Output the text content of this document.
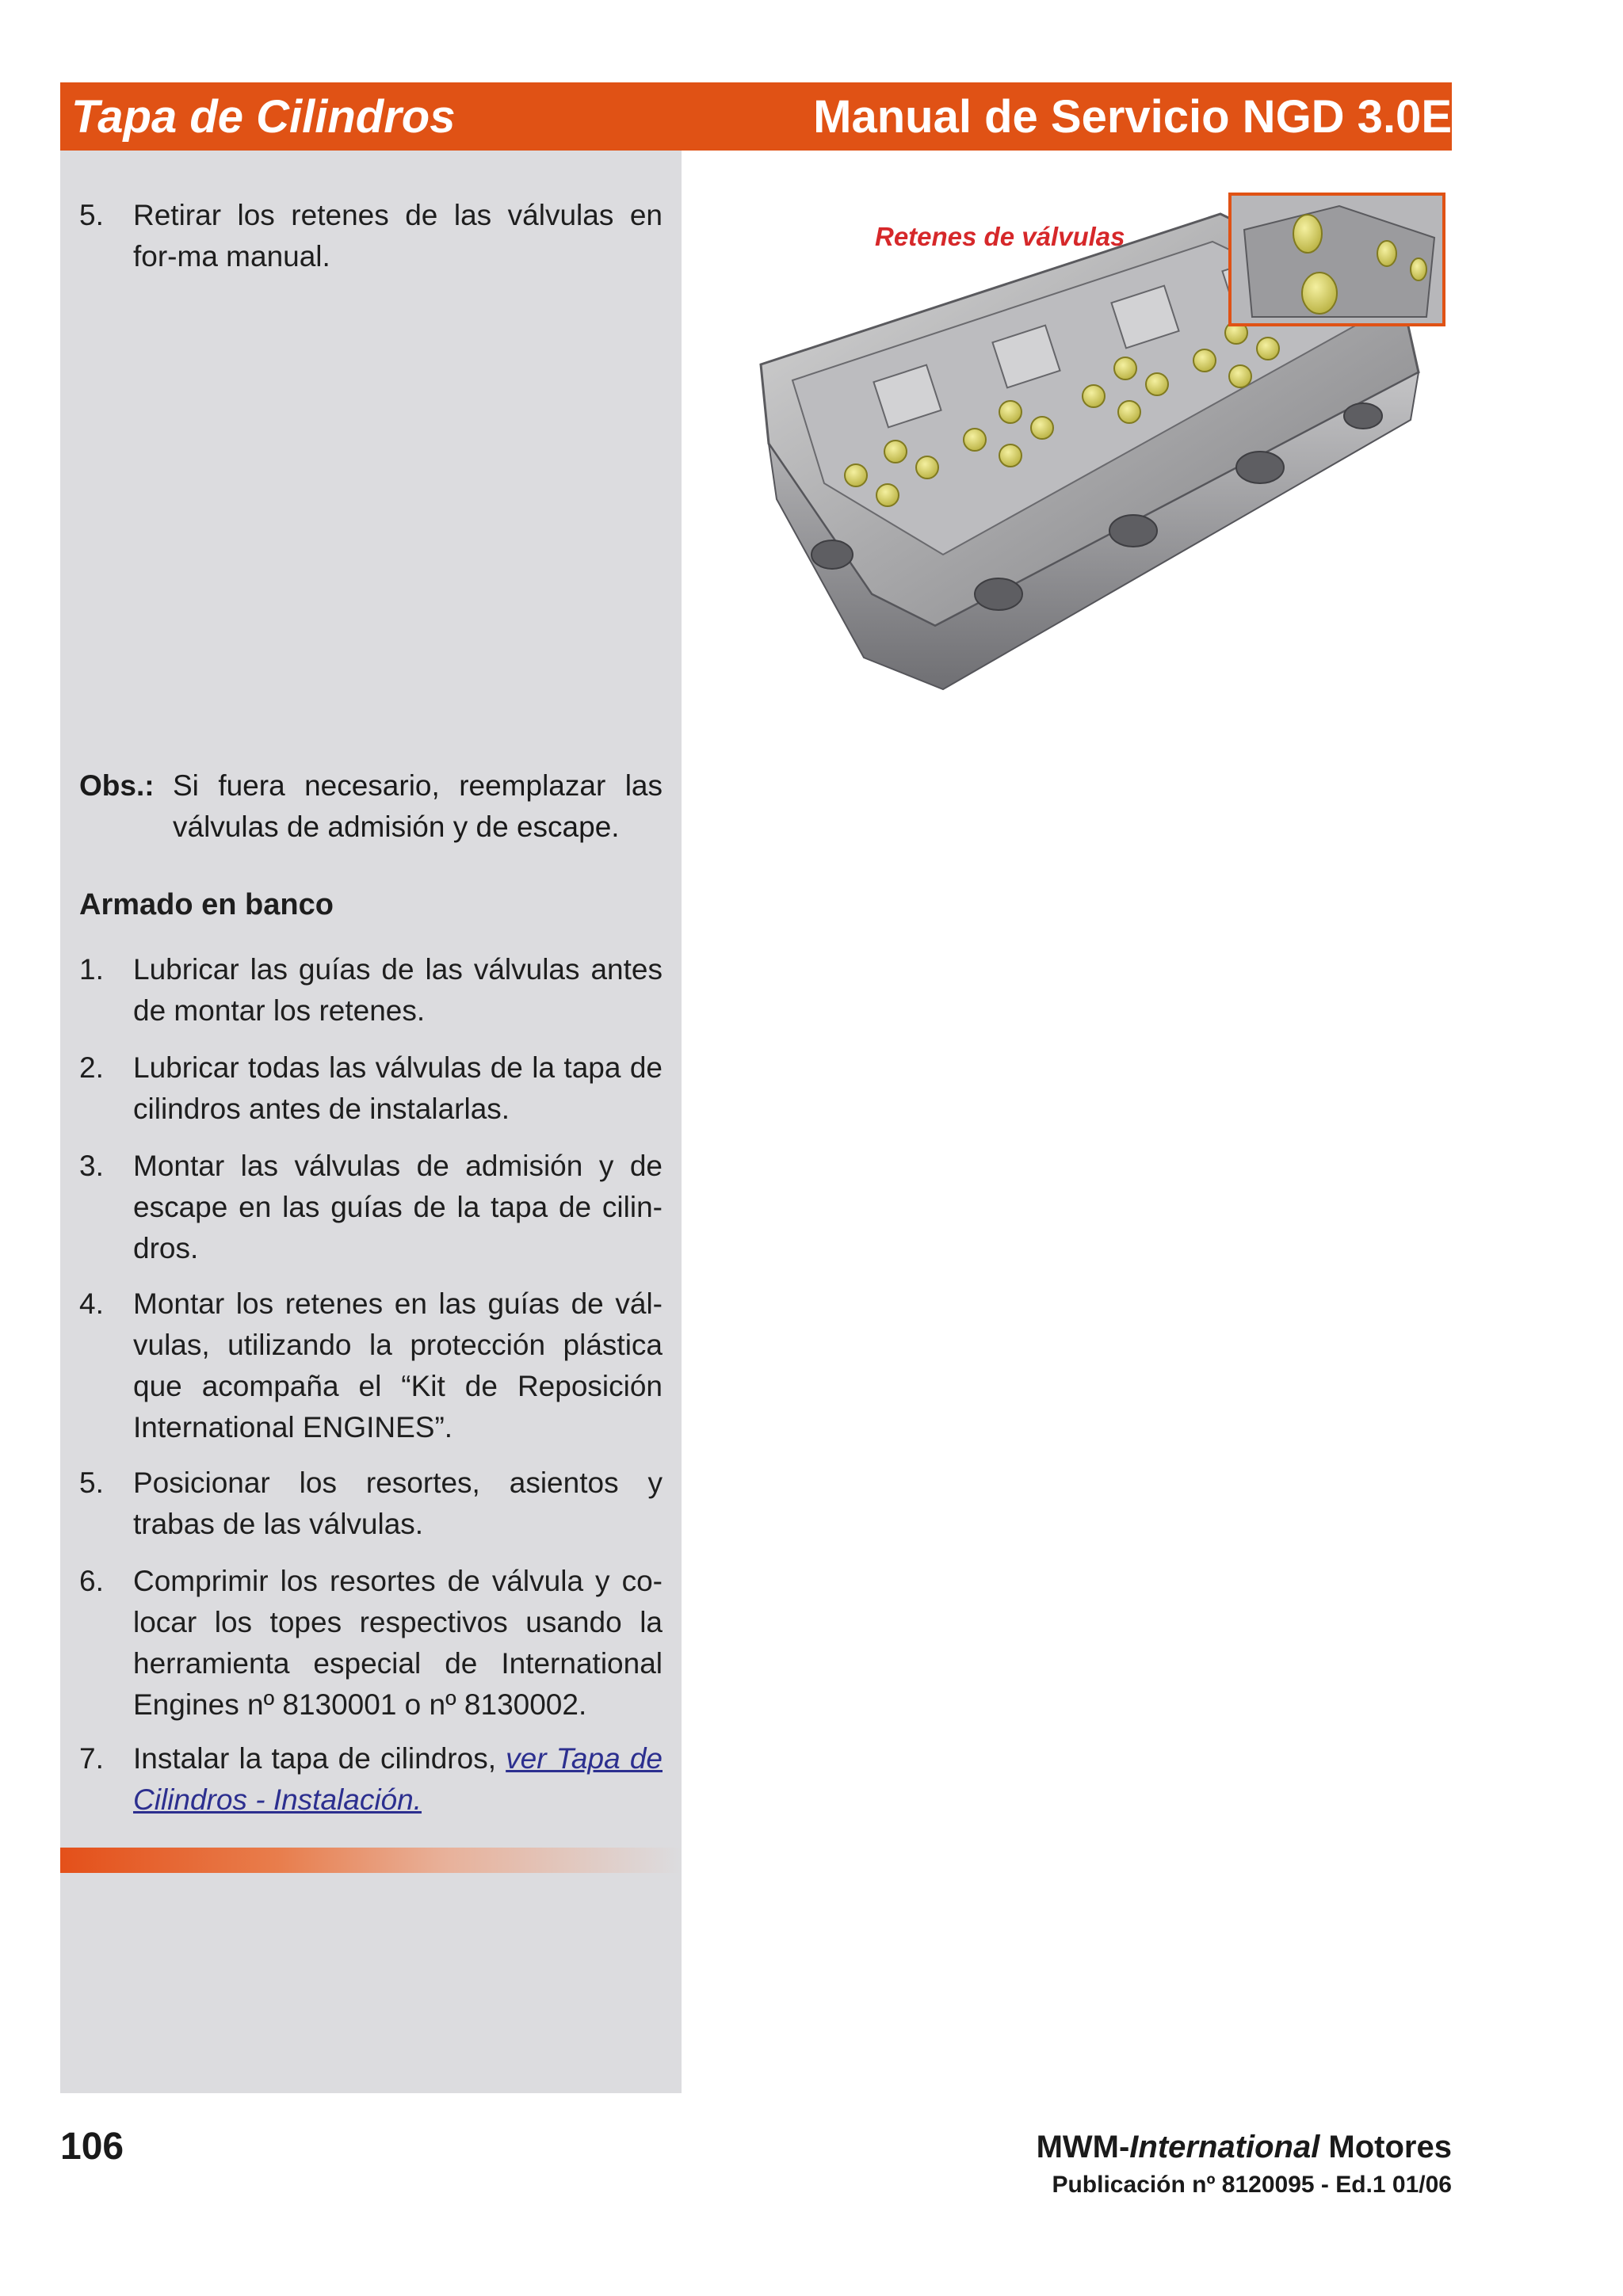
Tapa de Cilindros	Manual de Servicio NGD 3.0E
5.	Retirar los retenes de las válvulas en for-ma manual.
Obs.: Si fuera necesario, reemplazar las válvulas de admisión y de escape.
Armado en banco
1.	Lubricar las guías de las válvulas antes de montar los retenes.
2.	Lubricar todas las válvulas de la tapa de cilindros antes de instalarlas.
3.	Montar las válvulas de admisión y de escape en las guías de la tapa de cilin-dros.
4.	Montar los retenes en las guías de vál-vulas, utilizando la protección plástica que acompaña el “Kit de Reposición International ENGINES”.
5.	Posicionar los resortes, asientos y trabas de las válvulas.
6.	Comprimir los resortes de válvula y co-locar los topes respectivos usando la herramienta especial de International Engines nº 8130001 o nº 8130002.
7.	Instalar la tapa de cilindros, ver Tapa de Cilindros - Instalación.
Retenes de válvulas
106	MWM-International Motores
Publicación nº 8120095 - Ed.1 01/06
